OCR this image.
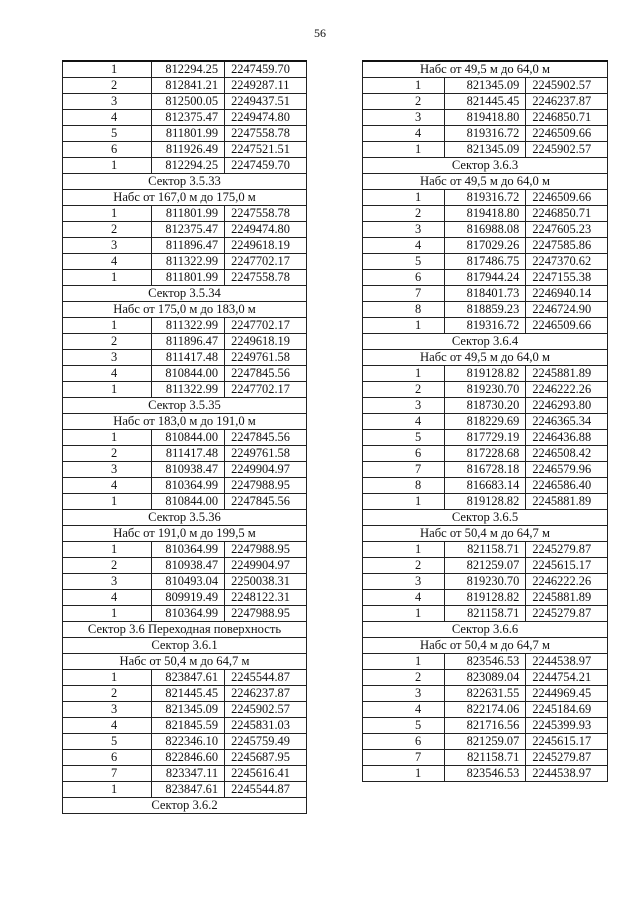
56
1	812294.25	2247459.70
2	812841.21	2249287.11
3	812500.05	2249437.51
4	812375.47	2249474.80
5	811801.99	2247558.78
6	811926.49	2247521.51
1	812294.25	2247459.70
Сектор 3.5.33		
Набс от 167,0 м до 175,0 м		
1	811801.99	2247558.78
2	812375.47	2249474.80
3	811896.47	2249618.19
4	811322.99	2247702.17
1	811801.99	2247558.78
Сектор 3.5.34		
Набс от 175,0 м до 183,0 м		
1	811322.99	2247702.17
2	811896.47	2249618.19
3	811417.48	2249761.58
4	810844.00	2247845.56
1	811322.99	2247702.17
Сектор 3.5.35		
Набс от 183,0 м до 191,0 м		
1	810844.00	2247845.56
2	811417.48	2249761.58
3	810938.47	2249904.97
4	810364.99	2247988.95
1	810844.00	2247845.56
Сектор 3.5.36		
Набс от 191,0 м до 199,5 м		
1	810364.99	2247988.95
2	810938.47	2249904.97
3	810493.04	2250038.31
4	809919.49	2248122.31
1	810364.99	2247988.95
Сектор 3.6 Переходная поверхность		
Сектор 3.6.1		
Набс от 50,4 м до 64,7 м		
1	823847.61	2245544.87
2	821445.45	2246237.87
3	821345.09	2245902.57
4	821845.59	2245831.03
5	822346.10	2245759.49
6	822846.60	2245687.95
7	823347.11	2245616.41
1	823847.61	2245544.87
Сектор 3.6.2		
Набс от 49,5 м до 64,0 м		
1	821345.09	2245902.57
2	821445.45	2246237.87
3	819418.80	2246850.71
4	819316.72	2246509.66
1	821345.09	2245902.57
Сектор 3.6.3		
Набс от 49,5 м до 64,0 м		
1	819316.72	2246509.66
2	819418.80	2246850.71
3	816988.08	2247605.23
4	817029.26	2247585.86
5	817486.75	2247370.62
6	817944.24	2247155.38
7	818401.73	2246940.14
8	818859.23	2246724.90
1	819316.72	2246509.66
Сектор 3.6.4		
Набс от 49,5 м до 64,0 м		
1	819128.82	2245881.89
2	819230.70	2246222.26
3	818730.20	2246293.80
4	818229.69	2246365.34
5	817729.19	2246436.88
6	817228.68	2246508.42
7	816728.18	2246579.96
8	816683.14	2246586.40
1	819128.82	2245881.89
Сектор 3.6.5		
Набс от 50,4 м до 64,7 м		
1	821158.71	2245279.87
2	821259.07	2245615.17
3	819230.70	2246222.26
4	819128.82	2245881.89
1	821158.71	2245279.87
Сектор 3.6.6		
Набс от 50,4 м до 64,7 м		
1	823546.53	2244538.97
2	823089.04	2244754.21
3	822631.55	2244969.45
4	822174.06	2245184.69
5	821716.56	2245399.93
6	821259.07	2245615.17
7	821158.71	2245279.87
1	823546.53	2244538.97
